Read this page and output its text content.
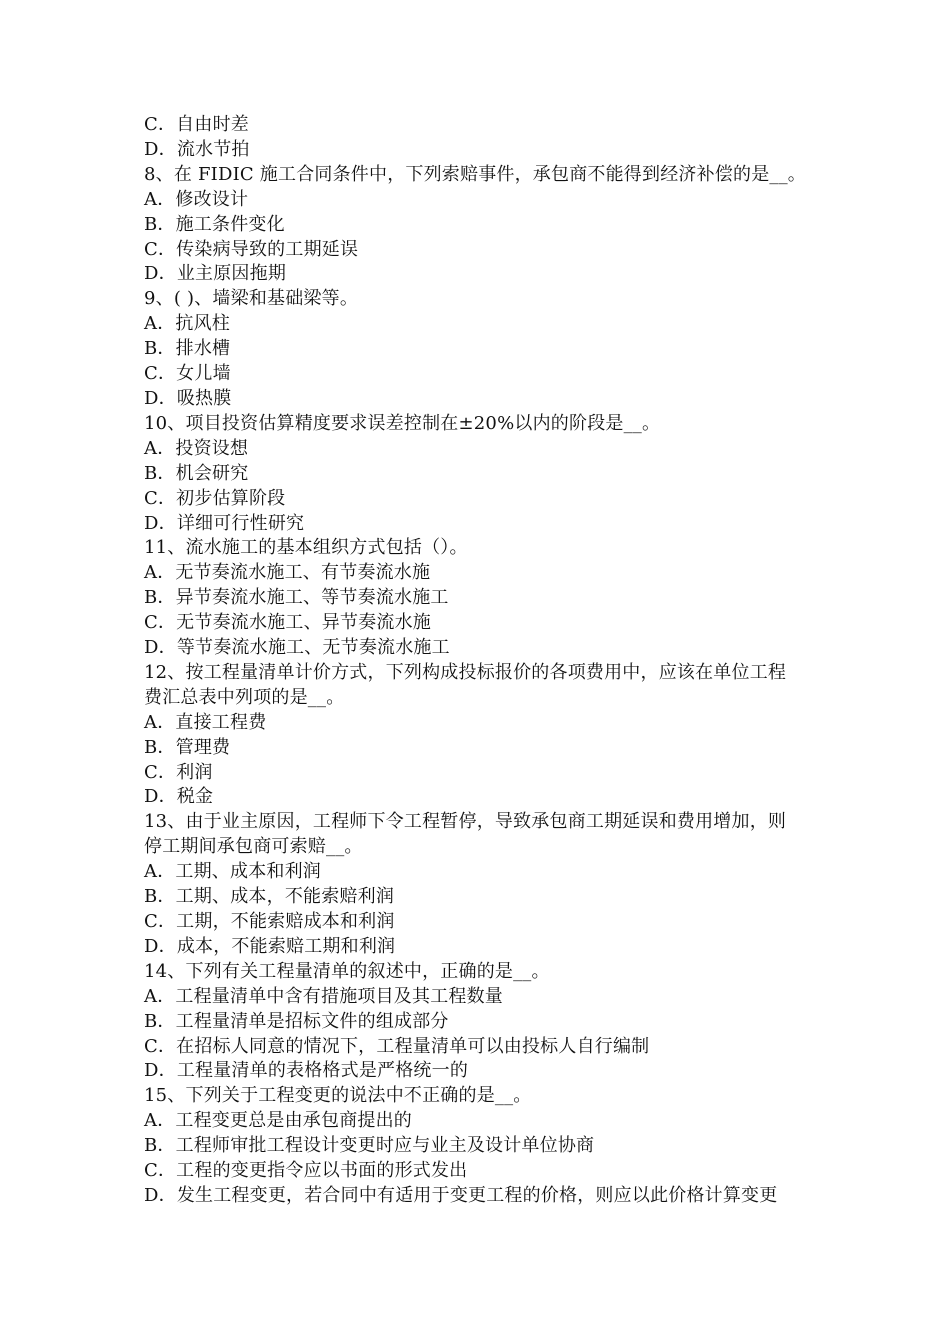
C．自由时差
D．流水节拍
8、在 FIDIC 施工合同条件中，下列索赔事件，承包商不能得到经济补偿的是__。
A．修改设计
B．施工条件变化
C．传染病导致的工期延误
D．业主原因拖期
9、( )、墙梁和基础梁等。
A．抗风柱
B．排水槽
C．女儿墙
D．吸热膜
10、项目投资估算精度要求误差控制在±20%以内的阶段是__。
A．投资设想
B．机会研究
C．初步估算阶段
D．详细可行性研究
11、流水施工的基本组织方式包括（）。
A．无节奏流水施工、有节奏流水施
B．异节奏流水施工、等节奏流水施工
C．无节奏流水施工、异节奏流水施
D．等节奏流水施工、无节奏流水施工
12、按工程量清单计价方式，下列构成投标报价的各项费用中，应该在单位工程
费汇总表中列项的是__。
A．直接工程费
B．管理费
C．利润
D．税金
13、由于业主原因，工程师下令工程暂停，导致承包商工期延误和费用增加，则
停工期间承包商可索赔__。
A．工期、成本和利润
B．工期、成本，不能索赔利润
C．工期，不能索赔成本和利润
D．成本，不能索赔工期和利润
14、下列有关工程量清单的叙述中，正确的是__。
A．工程量清单中含有措施项目及其工程数量
B．工程量清单是招标文件的组成部分
C．在招标人同意的情况下，工程量清单可以由投标人自行编制
D．工程量清单的表格格式是严格统一的
15、下列关于工程变更的说法中不正确的是__。
A．工程变更总是由承包商提出的
B．工程师审批工程设计变更时应与业主及设计单位协商
C．工程的变更指令应以书面的形式发出
D．发生工程变更，若合同中有适用于变更工程的价格，则应以此价格计算变更
